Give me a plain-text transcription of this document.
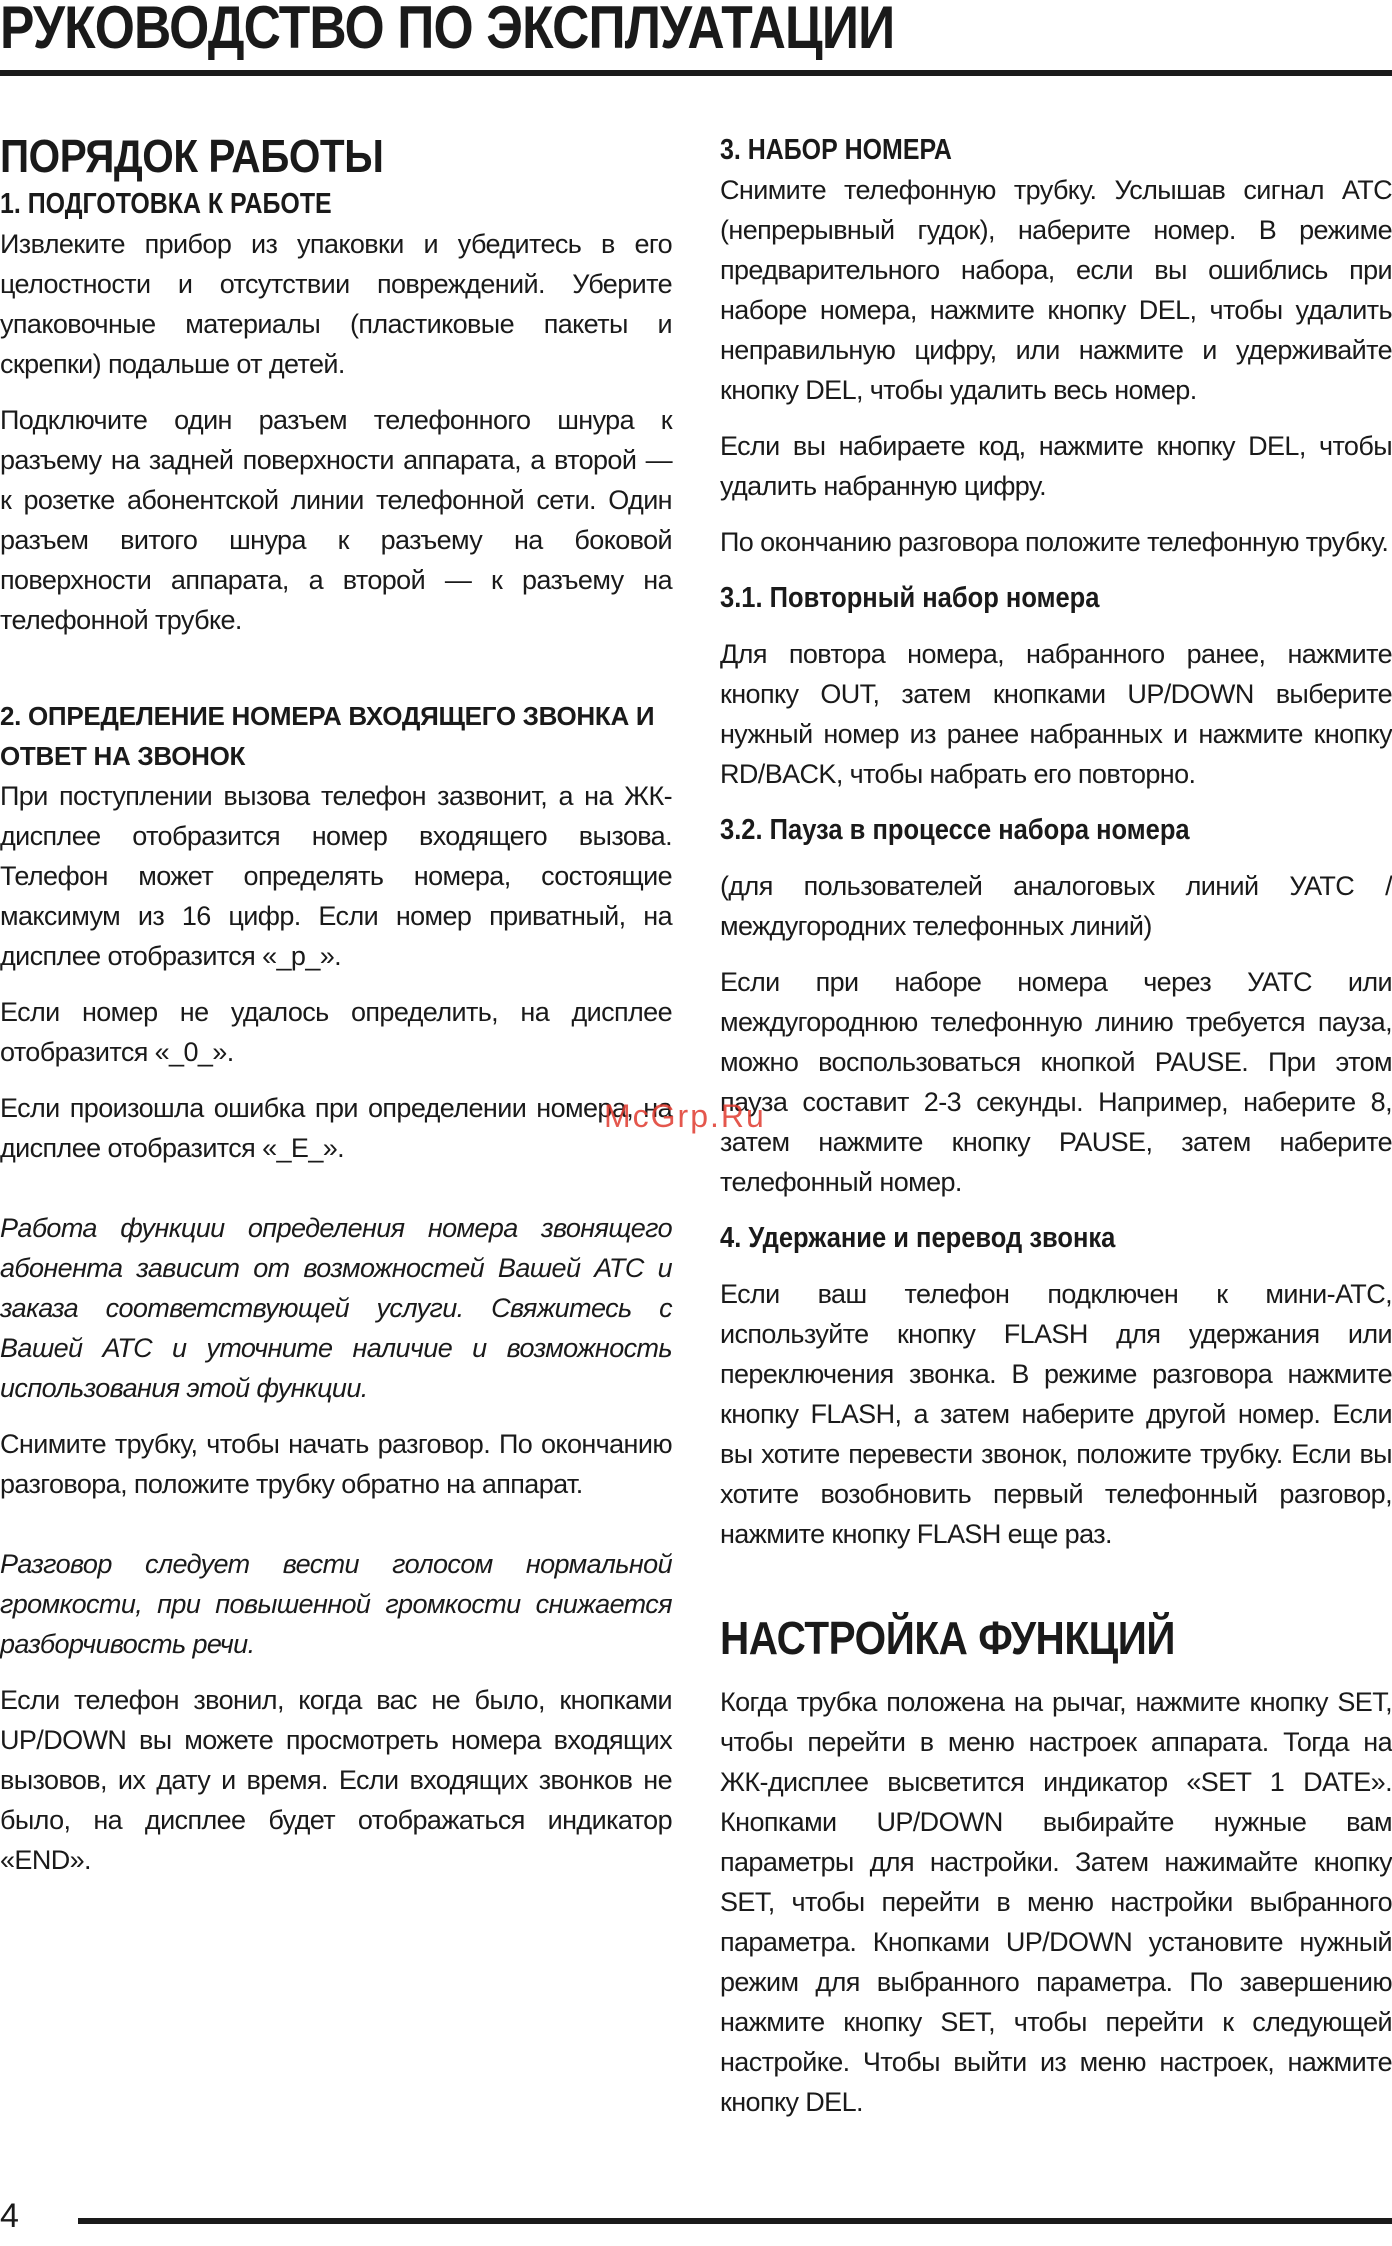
РУКОВОДСТВО ПО ЭКСПЛУАТАЦИИ
ПОРЯДОК РАБОТЫ
1. ПОДГОТОВКА К РАБОТЕ

Извлеките прибор из упаковки и убедитесь в его целостности и отсутствии повреждений. Уберите упаковочные материалы (пластиковые пакеты и скрепки) подальше от детей.

Подключите один разъем телефонного шнура к разъему на задней поверхности аппарата, а второй — к розетке абонентской линии телефонной сети. Один разъем витого шнура к разъему на боковой поверхности аппарата, а второй — к разъему на телефонной трубке.

2. ОПРЕДЕЛЕНИЕ НОМЕРА ВХОДЯЩЕГО ЗВОНКА И ОТВЕТ НА ЗВОНОК

При поступлении вызова телефон зазвонит, а на ЖК-дисплее отобразится номер входящего вызова. Телефон может определять номера, состоящие максимум из 16 цифр. Если номер приватный, на дисплее отобразится «_p_».

Если номер не удалось определить, на дисплее отобразится «_0_».

Если произошла ошибка при определении номера, на дисплее отобразится «_E_».

Работа функции определения номера звонящего абонента зависит от возможностей Вашей АТС и заказа соответствующей услуги. Свяжитесь с Вашей АТС и уточните наличие и возможность использования этой функции.

Снимите трубку, чтобы начать разговор. По окончанию разговора, положите трубку обратно на аппарат.

Разговор следует вести голосом нормальной громкости, при повышенной громкости снижается разборчивость речи.

Если телефон звонил, когда вас не было, кнопками UP/DOWN вы можете просмотреть номера входящих вызовов, их дату и время. Если входящих звонков не было, на дисплее будет отображаться индикатор «END».

3. НАБОР НОМЕРА

Снимите телефонную трубку. Услышав сигнал АТС (непрерывный гудок), наберите номер. В режиме предварительного набора, если вы ошиблись при наборе номера, нажмите кнопку DEL, чтобы удалить неправильную цифру, или нажмите и удерживайте кнопку DEL, чтобы удалить весь номер.

Если вы набираете код, нажмите кнопку DEL, чтобы удалить набранную цифру.

По окончанию разговора положите телефонную трубку.

3.1. Повторный набор номера

Для повтора номера, набранного ранее, нажмите кнопку OUT, затем кнопками UP/DOWN выберите нужный номер из ранее набранных и нажмите кнопку RD/BACK, чтобы набрать его повторно.

3.2. Пауза в процессе набора номера

(для пользователей аналоговых линий УАТС / междугородних телефонных линий)

Если при наборе номера через УАТС или междугороднюю телефонную линию требуется пауза, можно воспользоваться кнопкой PAUSE. При этом пауза составит 2-3 секунды. Например, наберите 8, затем нажмите кнопку PAUSE, затем наберите телефонный номер.

4. Удержание и перевод звонка

Если ваш телефон подключен к мини-АТС, используйте кнопку FLASH для удержания или переключения звонка. В режиме разговора нажмите кнопку FLASH, а затем наберите другой номер. Если вы хотите перевести звонок, положите трубку. Если вы хотите возобновить первый телефонный разговор, нажмите кнопку FLASH еще раз.

НАСТРОЙКА ФУНКЦИЙ

Когда трубка положена на рычаг, нажмите кнопку SET, чтобы перейти в меню настроек аппарата. Тогда на ЖК-дисплее высветится индикатор «SET 1 DATE». Кнопками UP/DOWN выбирайте нужные вам параметры для настройки. Затем нажимайте кнопку SET, чтобы перейти в меню настройки выбранного параметра. Кнопками UP/DOWN установите нужный режим для выбранного параметра. По завершению нажмите кнопку SET, чтобы перейти к следующей настройке. Чтобы выйти из меню настроек, нажмите кнопку DEL.

McGrp.Ru
4
